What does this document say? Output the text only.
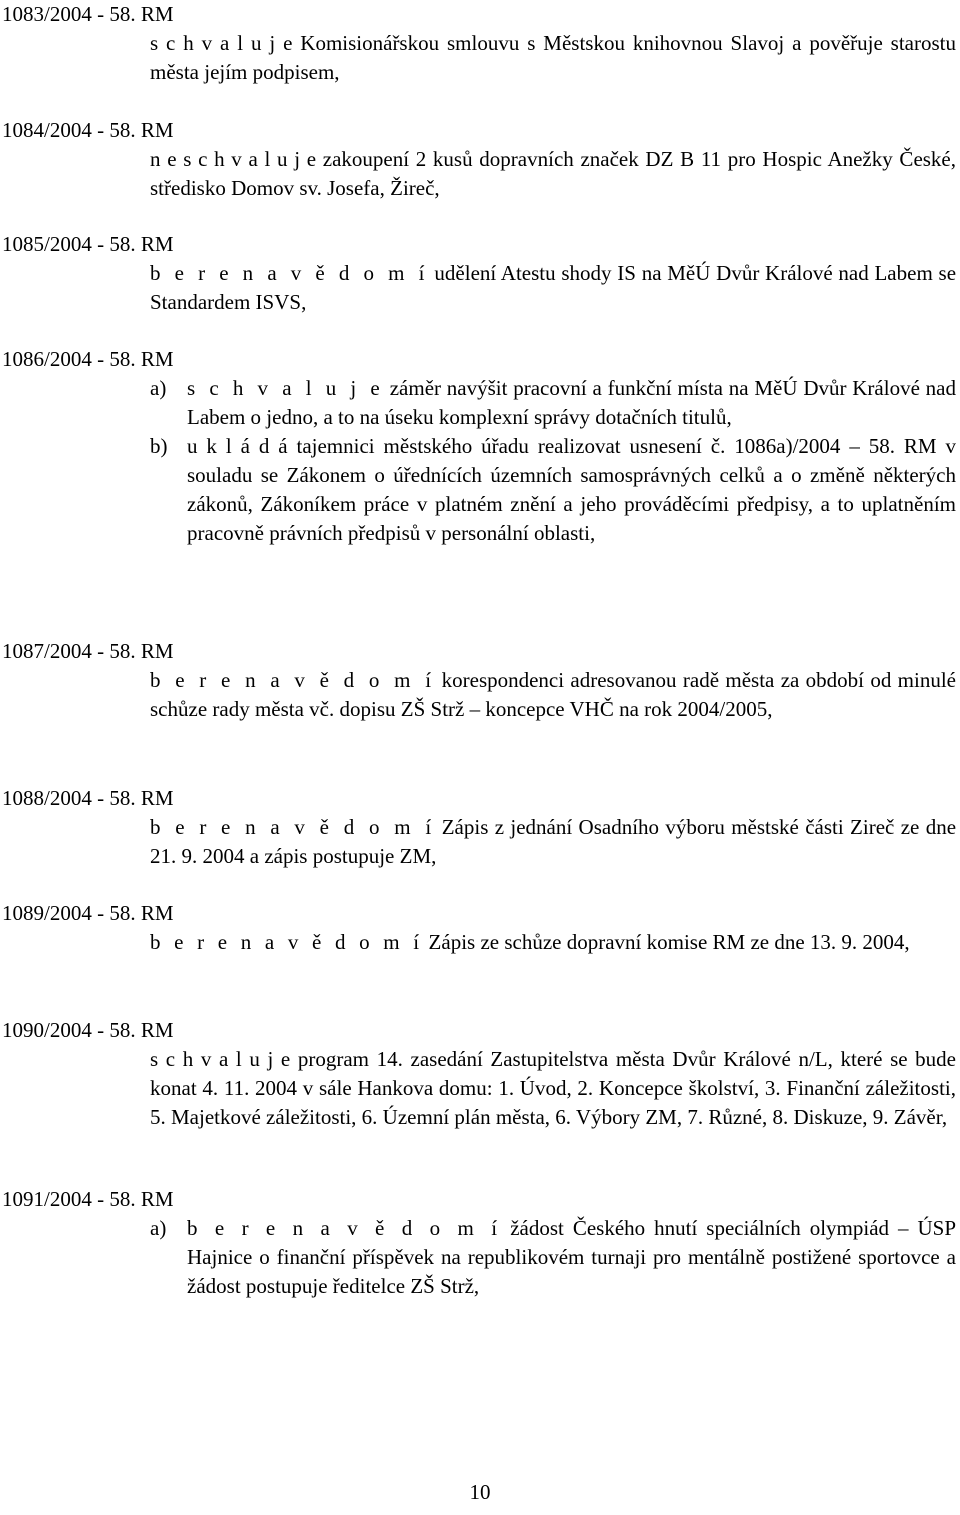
1083/2004 - 58. RM
s c h v a l u j e Komisionářskou smlouvu s Městskou knihovnou Slavoj a pověřuje starostu města jejím podpisem,
1084/2004 - 58. RM
n e s c h v a l u j e zakoupení 2 kusů dopravních značek DZ B 11 pro Hospic Anežky České, středisko Domov sv. Josefa, Žireč,
1085/2004 - 58. RM
b e r e n a v ě d o m í udělení Atestu shody IS na MěÚ Dvůr Králové nad Labem se Standardem ISVS,
1086/2004 - 58. RM
a) s c h v a l u j e záměr navýšit pracovní a funkční místa na MěÚ Dvůr Králové nad Labem o jedno, a to na úseku komplexní správy dotačních titulů,
b) u k l á d á tajemnici městského úřadu realizovat usnesení č. 1086a)/2004 – 58. RM v souladu se Zákonem o úřednících územních samosprávných celků a o změně některých zákonů, Zákoníkem práce v platném znění a jeho prováděcími předpisy, a to uplatněním pracovně právních předpisů v personální oblasti,
1087/2004 - 58. RM
b e r e n a v ě d o m í korespondenci adresovanou radě města za období od minulé schůze rady města vč. dopisu ZŠ Strž – koncepce VHČ na rok 2004/2005,
1088/2004 - 58. RM
b e r e n a v ě d o m í Zápis z jednání Osadního výboru městské části Zireč ze dne 21. 9. 2004 a zápis postupuje ZM,
1089/2004 - 58. RM
b e r e n a v ě d o m í Zápis ze schůze dopravní komise RM ze dne 13. 9. 2004,
1090/2004 - 58. RM
s c h v a l u j e program 14. zasedání Zastupitelstva města Dvůr Králové n/L, které se bude konat 4. 11. 2004 v sále Hankova domu: 1. Úvod, 2. Koncepce školství, 3. Finanční záležitosti, 5. Majetkové záležitosti, 6. Územní plán města, 6. Výbory ZM, 7. Různé, 8. Diskuze, 9. Závěr,
1091/2004 - 58. RM
a) b e r e n a v ě d o m í žádost Českého hnutí speciálních olympiád – ÚSP Hajnice o finanční příspěvek na republikovém turnaji pro mentálně postižené sportovce a žádost postupuje ředitelce ZŠ Strž,
10
